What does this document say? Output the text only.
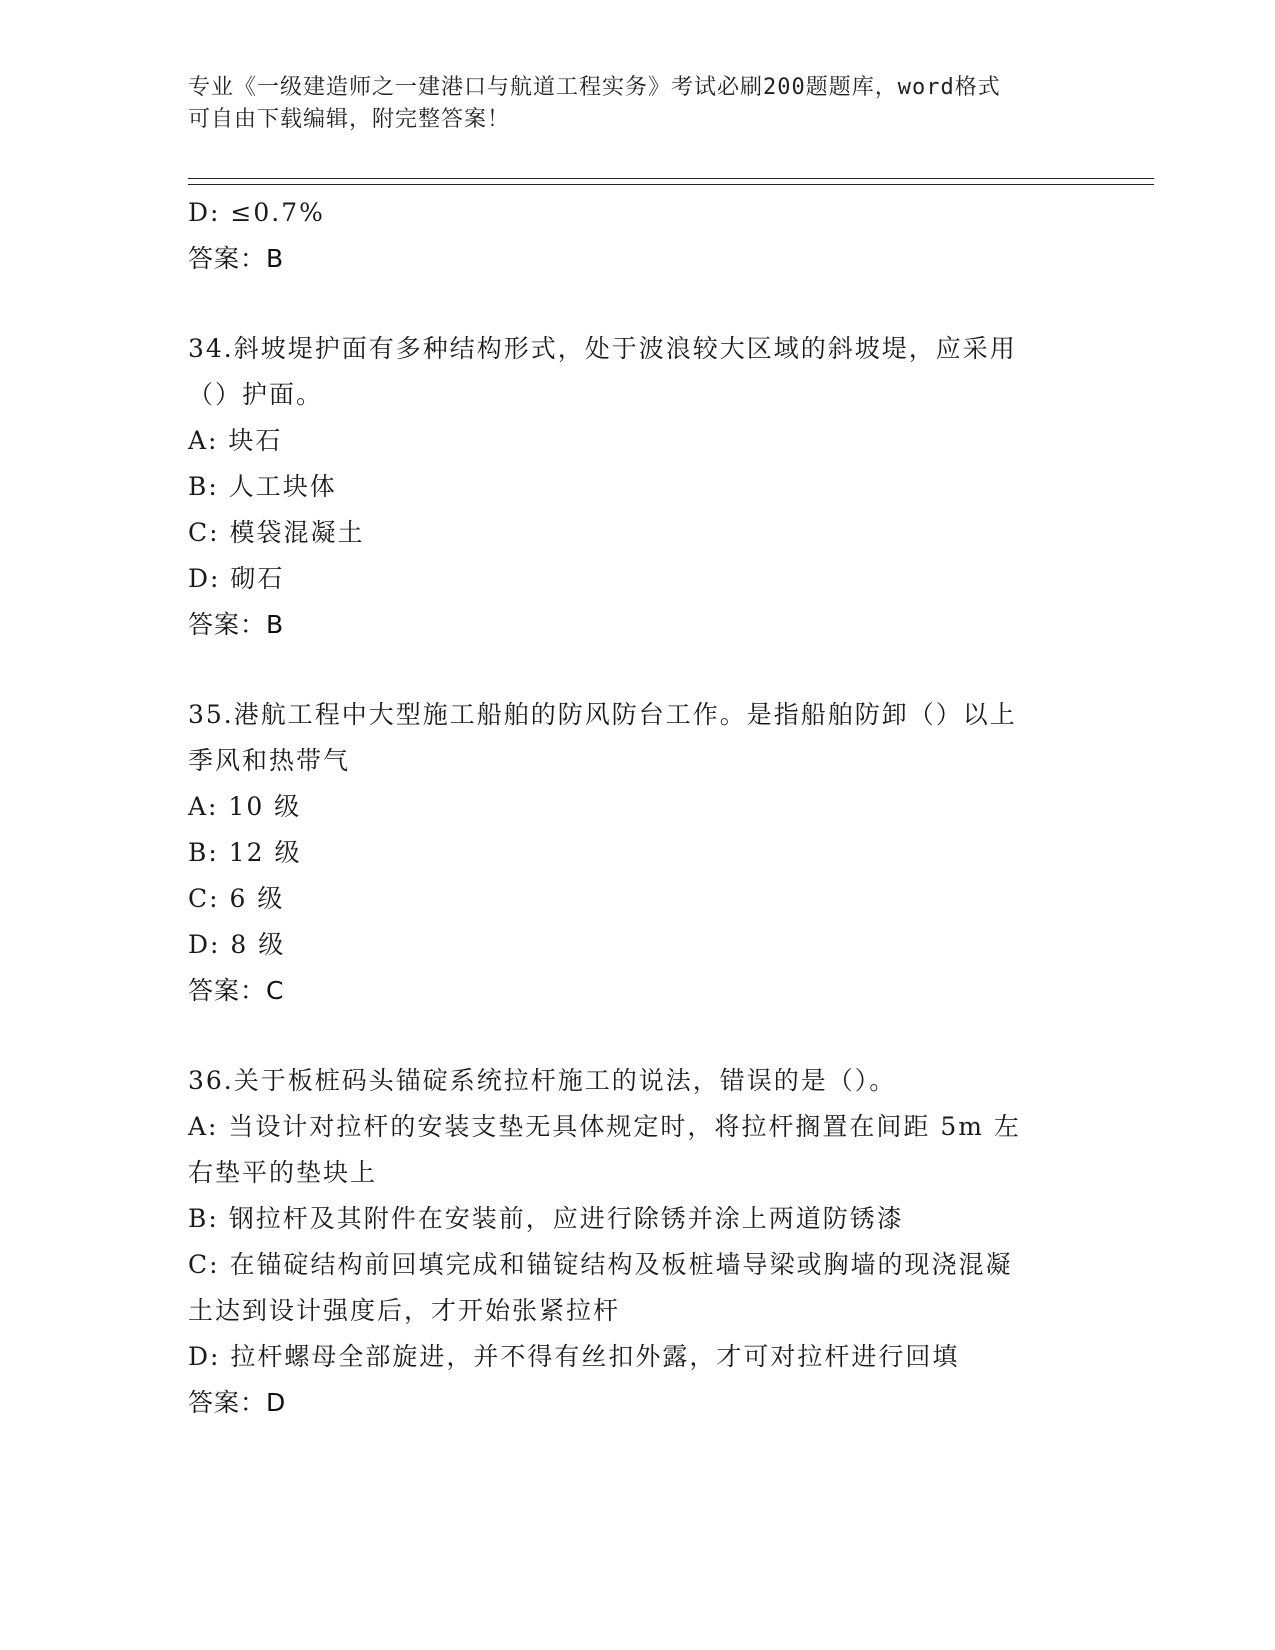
专业《一级建造师之一建港口与航道工程实务》考试必刷200题题库，word格式
可自由下载编辑，附完整答案！
D: ≤0.7%
答案：B
34.斜坡堤护面有多种结构形式，处于波浪较大区域的斜坡堤，应采用
（）护面。
A: 块石
B: 人工块体
C: 模袋混凝土
D: 砌石
答案：B
35.港航工程中大型施工船舶的防风防台工作。是指船舶防卸（）以上
季风和热带气
A: 10 级
B: 12 级
C: 6 级
D: 8 级
答案：C
36.关于板桩码头锚碇系统拉杆施工的说法，错误的是（）。
A: 当设计对拉杆的安装支垫无具体规定时，将拉杆搁置在间距 5m 左
右垫平的垫块上
B: 钢拉杆及其附件在安装前，应进行除锈并涂上两道防锈漆
C: 在锚碇结构前回填完成和锚锭结构及板桩墙导梁或胸墙的现浇混凝
土达到设计强度后，才开始张紧拉杆
D: 拉杆螺母全部旋进，并不得有丝扣外露，才可对拉杆进行回填
答案：D
